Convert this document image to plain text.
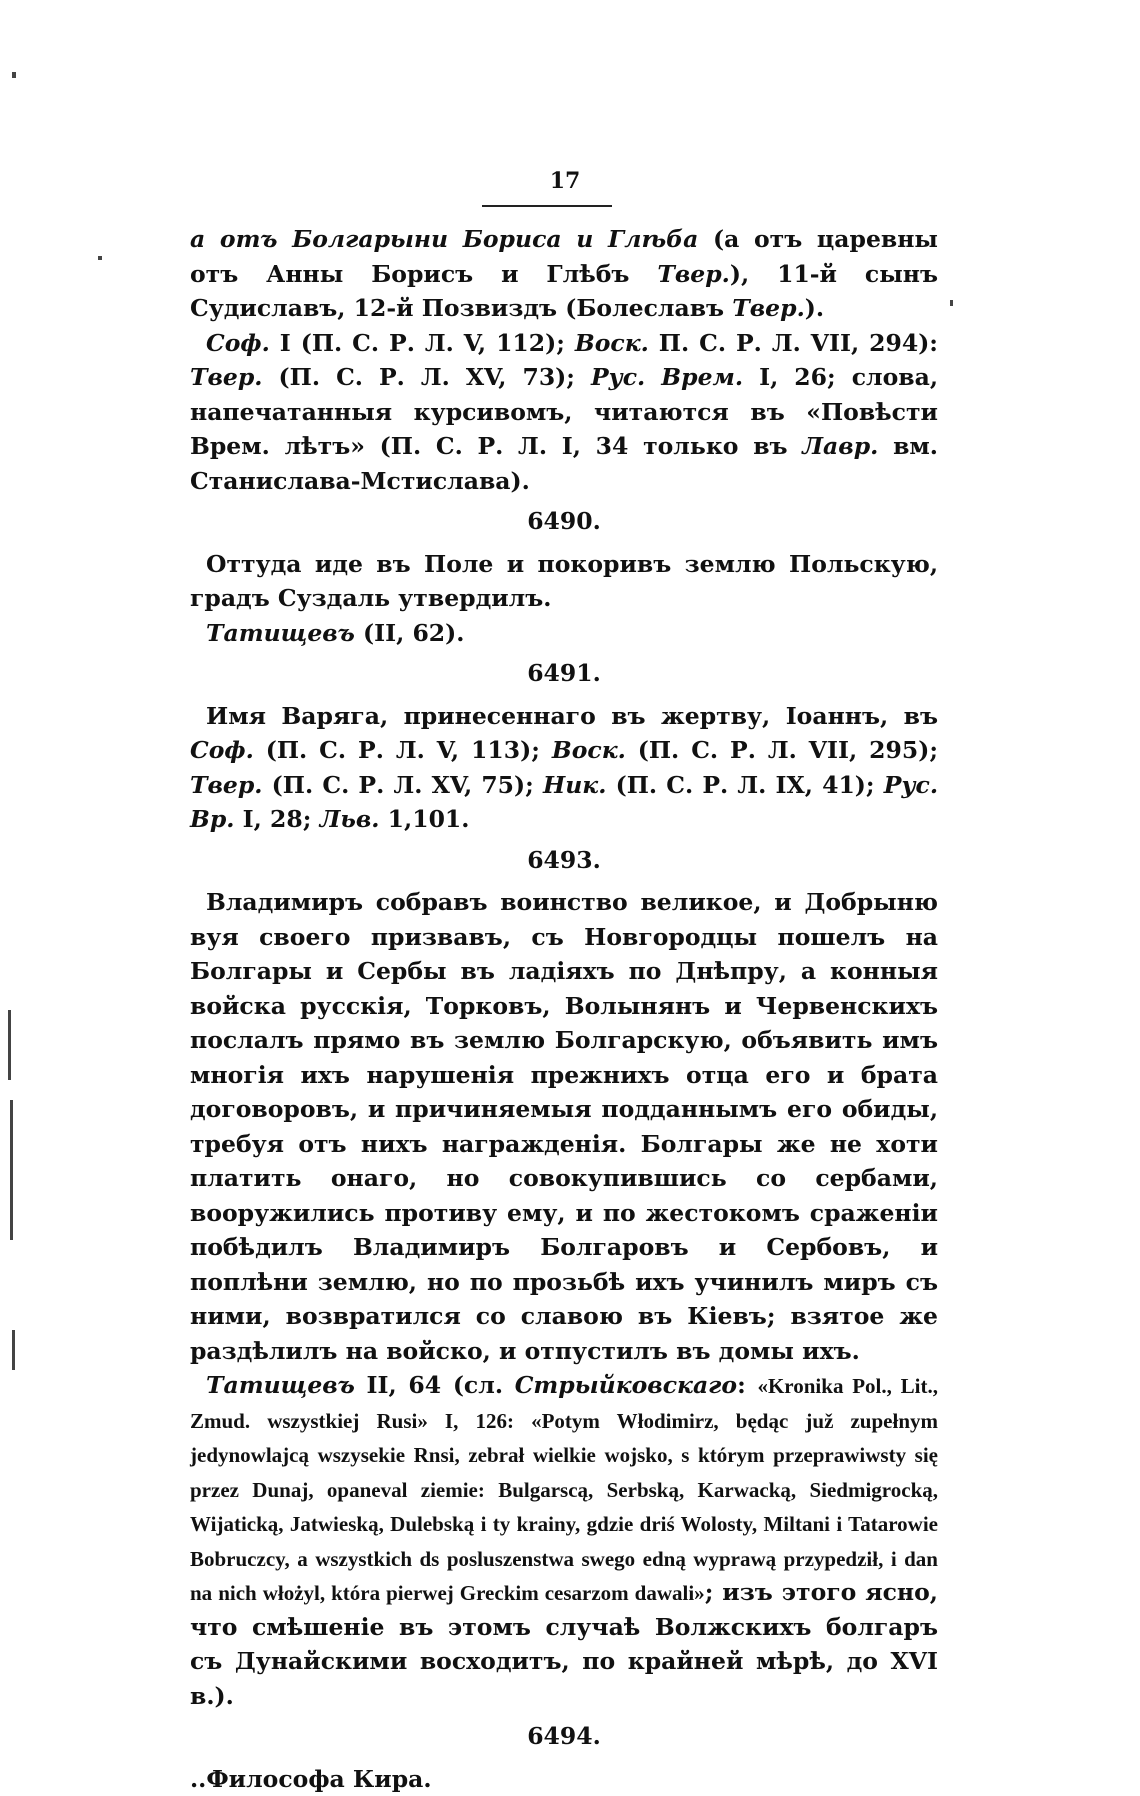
17

а отъ Болгарыни Бориса и Глѣба (а отъ царевны отъ Анны Борисъ и Глѣбъ Твер.), 11-й сынъ Судиславъ, 12-й Позвиздъ (Болеславъ Твер.).

Соф. I (П. С. Р. Л. V, 112); Воск. П. С. Р. Л. VII, 294): Твер. (П. С. Р. Л. XV, 73); Рус. Врем. I, 26; слова, напечатанныя курсивомъ, читаются въ «Повѣсти Врем. лѣтъ» (П. С. Р. Л. I, 34 только въ Лавр. вм. Станислава-Мстислава).

6490.

Оттуда иде въ Поле и покоривъ землю Польскую, градъ Суздаль утвердилъ.

Татищевъ (II, 62).

6491.

Имя Варяга, принесеннаго въ жертву, Іоаннъ, въ Соф. (П. С. Р. Л. V, 113); Воск. (П. С. Р. Л. VII, 295); Твер. (П. С. Р. Л. XV, 75); Ник. (П. С. Р. Л. IX, 41); Рус. Вр. I, 28; Льв. 1,101.

6493.

Владимиръ собравъ воинство великое, и Добрыню вуя своего призвавъ, съ Новгородцы пошелъ на Болгары и Сербы въ ладіяхъ по Днѣпру, а конныя войска русскія, Торковъ, Волынянъ и Червенскихъ послалъ прямо въ землю Болгарскую, объявить имъ многія ихъ нарушенія прежнихъ отца его и брата договоровъ, и причиняемыя подданнымъ его обиды, требуя отъ нихъ награжденія. Болгары же не хоти платить онаго, но совокупившись со сербами, вооружились противу ему, и по жестокомъ сраженіи побѣдилъ Владимиръ Болгаровъ и Сербовъ, и поплѣни землю, но по прозьбѣ ихъ учинилъ миръ съ ними, возвратился со славою въ Кіевъ; взятое же раздѣлилъ на войско, и отпустилъ въ домы ихъ.

Татищевъ II, 64 (сл. Стрыйковскаго: «Kronika Pol., Lit., Zmud. wszystkiej Rusi» I, 126: «Potym Włodimirz, będąc juž zupełnym jedynowlajcą wszysekie Rnsi, zebrał wielkie wojsko, s którym przeprawiwsty się przez Dunaj, opaneval ziemie: Bulgarscą, Serbską, Karwacką, Siedmigrocką, Wijaticką, Jatwieską, Dulebską i ty krainy, gdzie driś Wolosty, Miltani i Tatarowie Bobruczcy, a wszystkich ds posluszenstwa swego edną wyprawą przypedził, i dan na nich włożyl, która pierwej Greckim cesarzom dawali»; изъ этого ясно, что смѣшеніе въ этомъ случаѣ Волжскихъ болгаръ съ Дунайскими восходитъ, по крайней мѣрѣ, до XVI в.).

6494.

..Философа Кира.
